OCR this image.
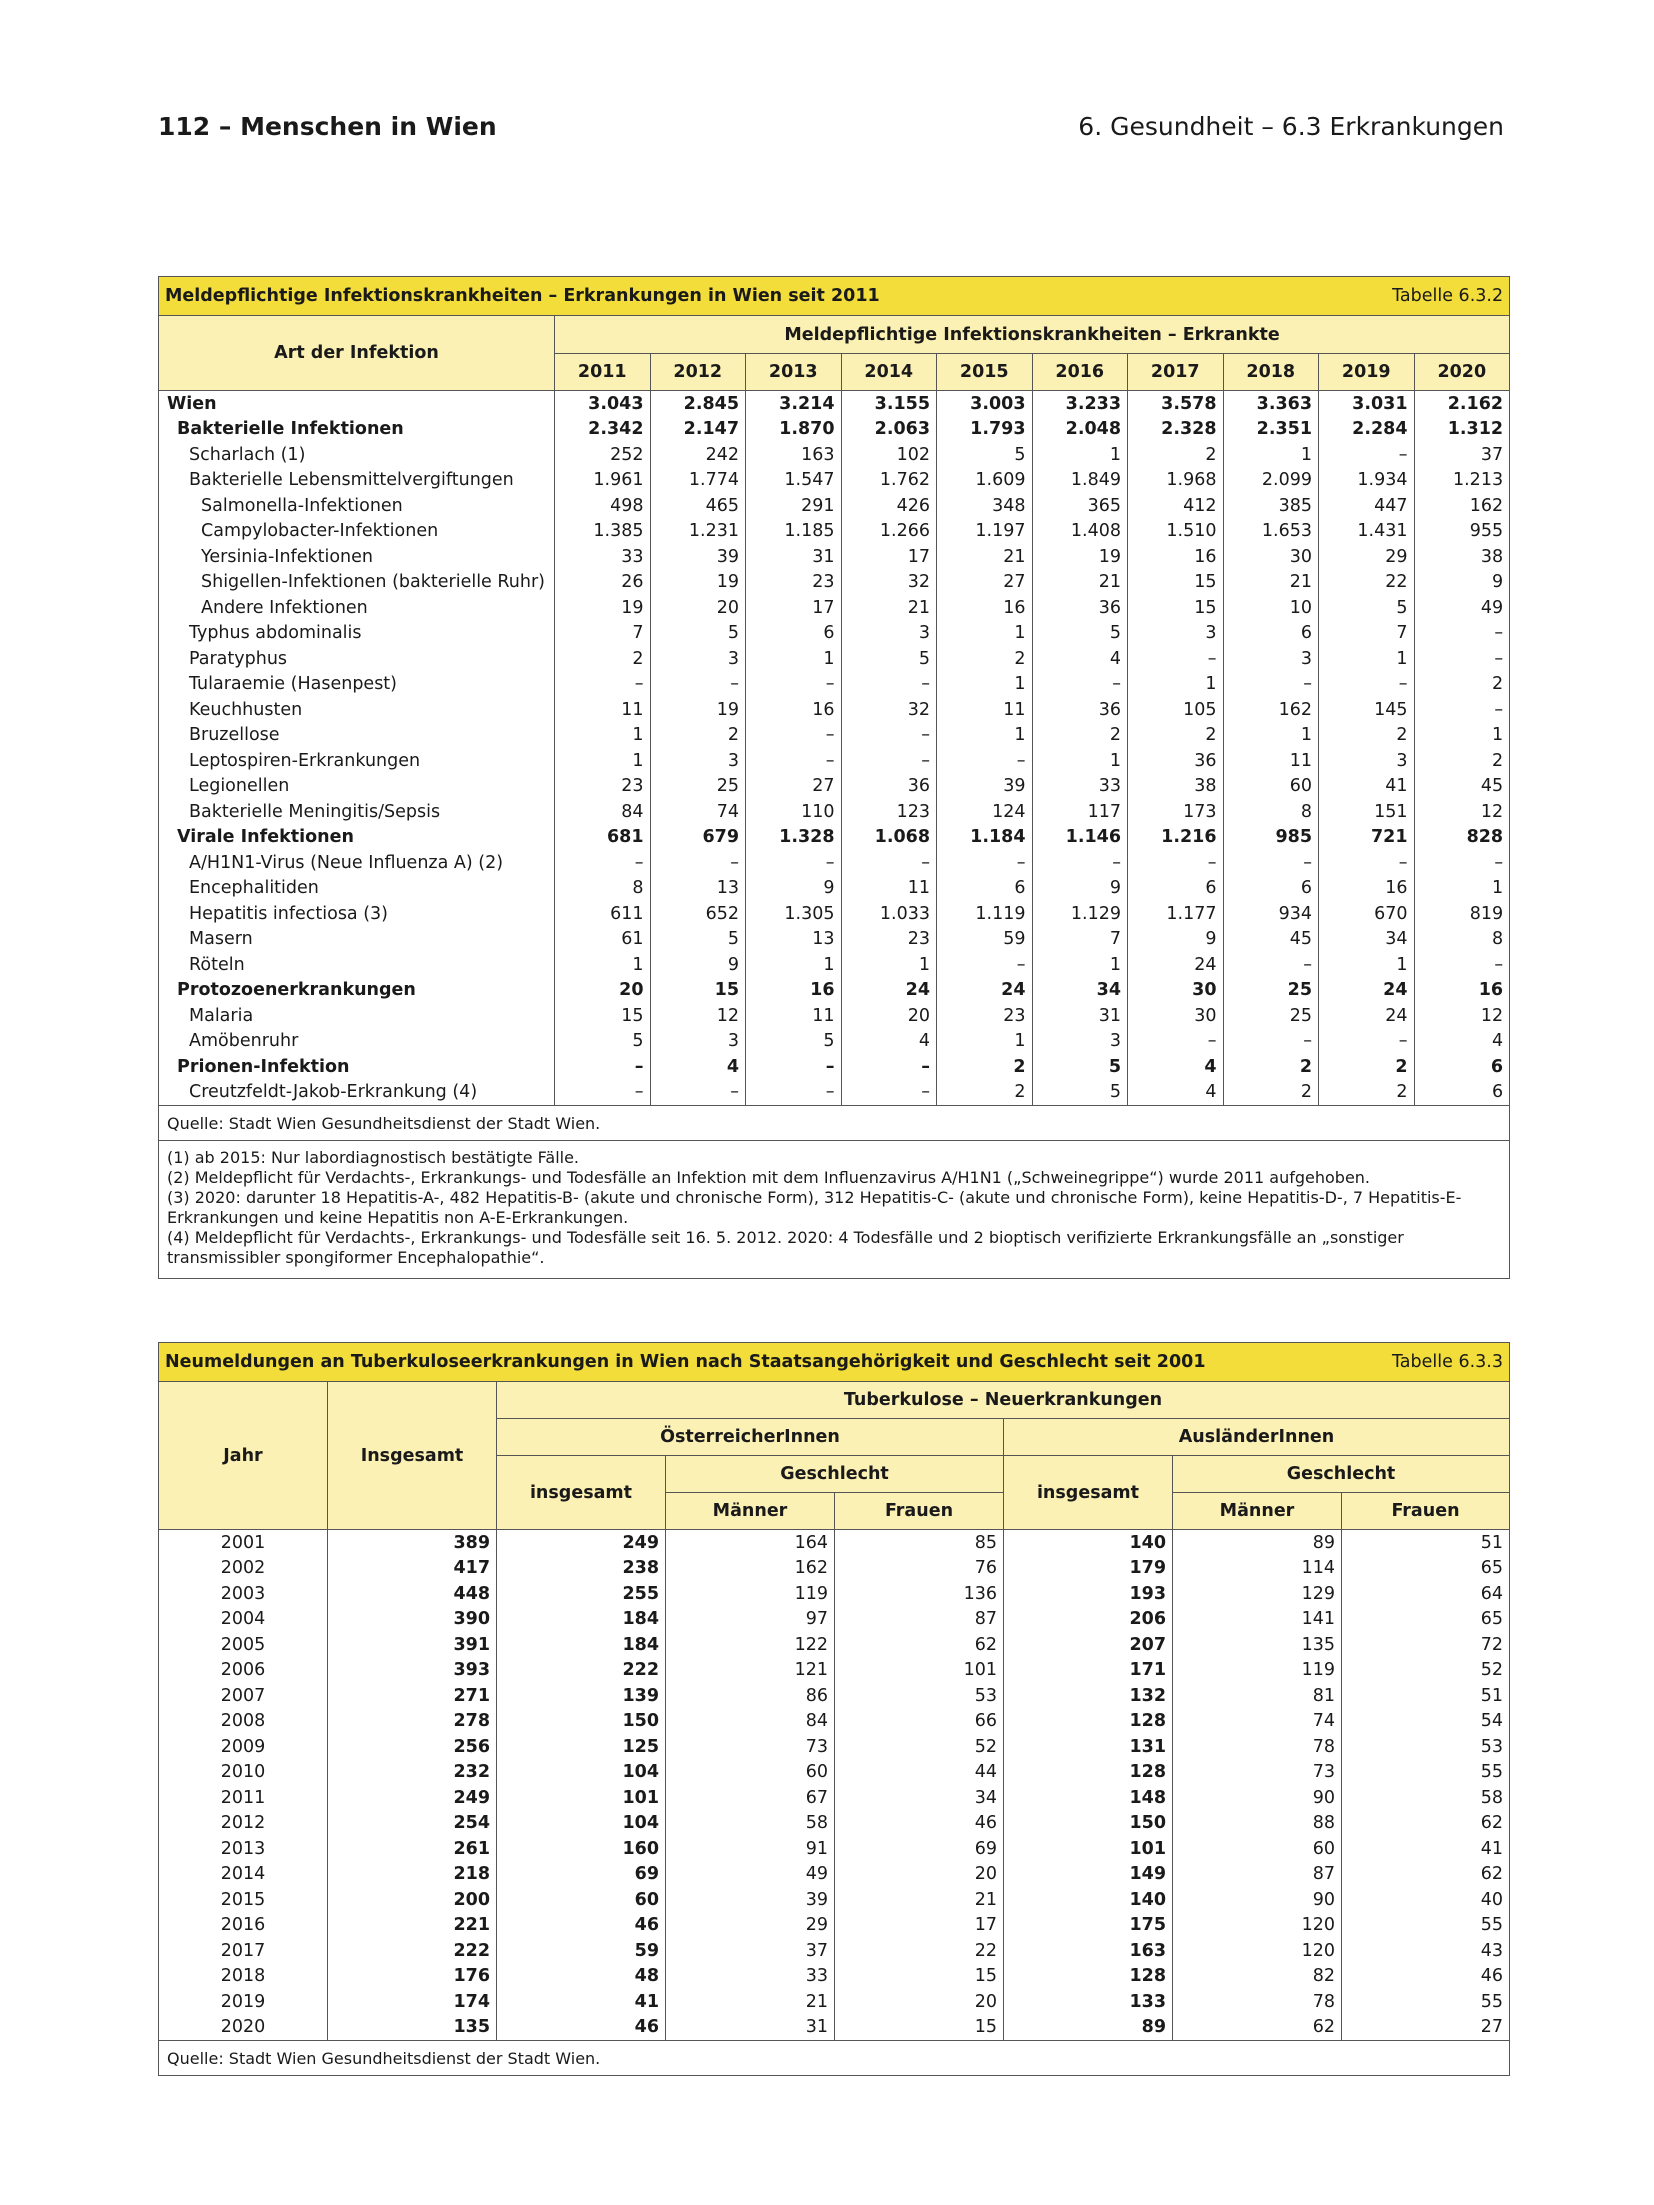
112 – Menschen in Wien	6. Gesundheit – 6.3 Erkrankungen
Meldepflichtige Infektionskrankheiten – Erkrankungen in Wien seit 2011 Tabelle 6.3.2										

Art der Infektion	Meldepflichtige Infektionskrankheiten – Erkrankte									
	2011	2012	2013	2014	2015	2016	2017	2018	2019	2020
Wien	3.043	2.845	3.214	3.155	3.003	3.233	3.578	3.363	3.031	2.162
Bakterielle Infektionen	2.342	2.147	1.870	2.063	1.793	2.048	2.328	2.351	2.284	1.312
Scharlach (1)	252	242	163	102	5	1	2	1	–	37
Bakterielle Lebensmittelvergiftungen	1.961	1.774	1.547	1.762	1.609	1.849	1.968	2.099	1.934	1.213
Salmonella-Infektionen	498	465	291	426	348	365	412	385	447	162
Campylobacter-Infektionen	1.385	1.231	1.185	1.266	1.197	1.408	1.510	1.653	1.431	955
Yersinia-Infektionen	33	39	31	17	21	19	16	30	29	38
Shigellen-Infektionen (bakterielle Ruhr)	26	19	23	32	27	21	15	21	22	9
Andere Infektionen	19	20	17	21	16	36	15	10	5	49
Typhus abdominalis	7	5	6	3	1	5	3	6	7	–
Paratyphus	2	3	1	5	2	4	–	3	1	–
Tularaemie (Hasenpest)	–	–	–	–	1	–	1	–	–	2
Keuchhusten	11	19	16	32	11	36	105	162	145	–
Bruzellose	1	2	–	–	1	2	2	1	2	1
Leptospiren-Erkrankungen	1	3	–	–	–	1	36	11	3	2
Legionellen	23	25	27	36	39	33	38	60	41	45
Bakterielle Meningitis/Sepsis	84	74	110	123	124	117	173	8	151	12
Virale Infektionen	681	679	1.328	1.068	1.184	1.146	1.216	985	721	828
A/H1N1-Virus (Neue Influenza A) (2)	–	–	–	–	–	–	–	–	–	–
Encephalitiden	8	13	9	11	6	9	6	6	16	1
Hepatitis infectiosa (3)	611	652	1.305	1.033	1.119	1.129	1.177	934	670	819
Masern	61	5	13	23	59	7	9	45	34	8
Röteln	1	9	1	1	–	1	24	–	1	–
Protozoenerkrankungen	20	15	16	24	24	34	30	25	24	16
Malaria	15	12	11	20	23	31	30	25	24	12
Amöbenruhr	5	3	5	4	1	3	–	–	–	4
Prionen-Infektion	–	4	–	–	2	5	4	2	2	6
Creutzfeldt-Jakob-Erkrankung (4)	–	–	–	–	2	5	4	2	2	6
Quelle: Stadt Wien Gesundheitsdienst der Stadt Wien.										

(1) ab 2015: Nur labordiagnostisch bestätigte Fälle.
(2) Meldepflicht für Verdachts-, Erkrankungs- und Todesfälle an Infektion mit dem Influenzavirus A/H1N1 („Schweinegrippe“) wurde 2011 aufgehoben.
(3) 2020: darunter 18 Hepatitis-A-, 482 Hepatitis-B- (akute und chronische Form), 312 Hepatitis-C- (akute und chronische Form), keine Hepatitis-D-, 7 Hepatitis-E-Erkrankungen und keine Hepatitis non A-E-Erkrankungen.
(4) Meldepflicht für Verdachts-, Erkrankungs- und Todesfälle seit 16. 5. 2012. 2020: 4 Todesfälle und 2 bioptisch verifizierte Erkrankungsfälle an „sonstiger transmissibler spongiformer Encephalopathie“.										
Neumeldungen an Tuberkuloseerkrankungen in Wien nach Staatsangehörigkeit und Geschlecht seit 2001 Tabelle 6.3.3							

Jahr	Insgesamt	Tuberkulose – Neuerkrankungen					
		ÖsterreicherInnen			AusländerInnen		
		insgesamt	Geschlecht		insgesamt	Geschlecht	
			Männer	Frauen		Männer	Frauen
2001	389	249	164	85	140	89	51
2002	417	238	162	76	179	114	65
2003	448	255	119	136	193	129	64
2004	390	184	97	87	206	141	65
2005	391	184	122	62	207	135	72
2006	393	222	121	101	171	119	52
2007	271	139	86	53	132	81	51
2008	278	150	84	66	128	74	54
2009	256	125	73	52	131	78	53
2010	232	104	60	44	128	73	55
2011	249	101	67	34	148	90	58
2012	254	104	58	46	150	88	62
2013	261	160	91	69	101	60	41
2014	218	69	49	20	149	87	62
2015	200	60	39	21	140	90	40
2016	221	46	29	17	175	120	55
2017	222	59	37	22	163	120	43
2018	176	48	33	15	128	82	46
2019	174	41	21	20	133	78	55
2020	135	46	31	15	89	62	27
Quelle: Stadt Wien Gesundheitsdienst der Stadt Wien.							
